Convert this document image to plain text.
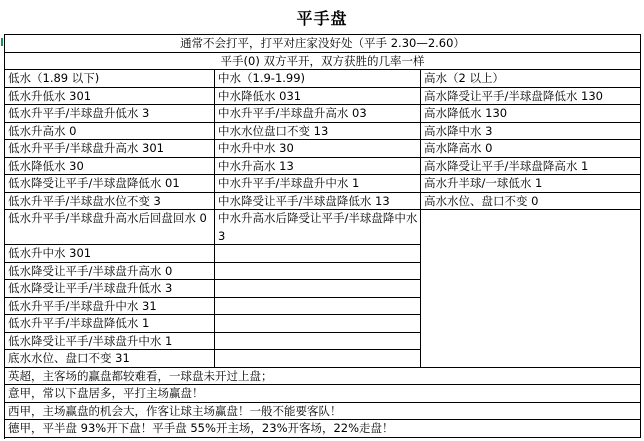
平手盘
通常不会打平，打平对庄家没好处（平手 2.30—2.60）
平手(0) 双方平开，双方获胜的几率一样
低水（1.89 以下)	中水（1.9-1.99)	高水（2 以上）
低水升低水 301
低水升平手/半球盘升低水 3
低水升高水 0
低水升平手/半球盘升高水 301
低水降低水 30
低水降受让平手/半球盘降低水 01
低水升平手/半球盘水位不变 3
低水升平手/半球盘升高水后回盘回水 0
低水升中水 301
低水降受让平手/半球盘升高水 0
低水降受让平手/半球盘升低水 3
低水升平手/半球盘升中水 31
低水升平手/半球盘降低水 1
低水降受让平手/半球盘升中水 1
底水水位、盘口不变 31
中水降低水 031
中水升平手/半球盘升高水 03
中水水位盘口不变 13
中水升中水 30
中水升高水 13
中水升平手/半球盘升中水 1
中水降受让平手/半球盘降低水 13
中水升高水后降受让平手/半球盘降中水 3
高水降受让平手/半球盘降低水 130
高水降低水 130
高水降中水 3
高水降高水 0
高水降受让平手/半球盘降高水 1
高水升半球/一球低水 1
高水水位、盘口不变 0
英超，主客场的赢盘都较难看，一球盘未开过上盘；
意甲，常以下盘居多，平打主场赢盘！
西甲，主场赢盘的机会大，作客让球主场赢盘！一般不能要客队！
德甲，平半盘 93%开下盘！平手盘 55%开主场，23%开客场，22%走盘！
